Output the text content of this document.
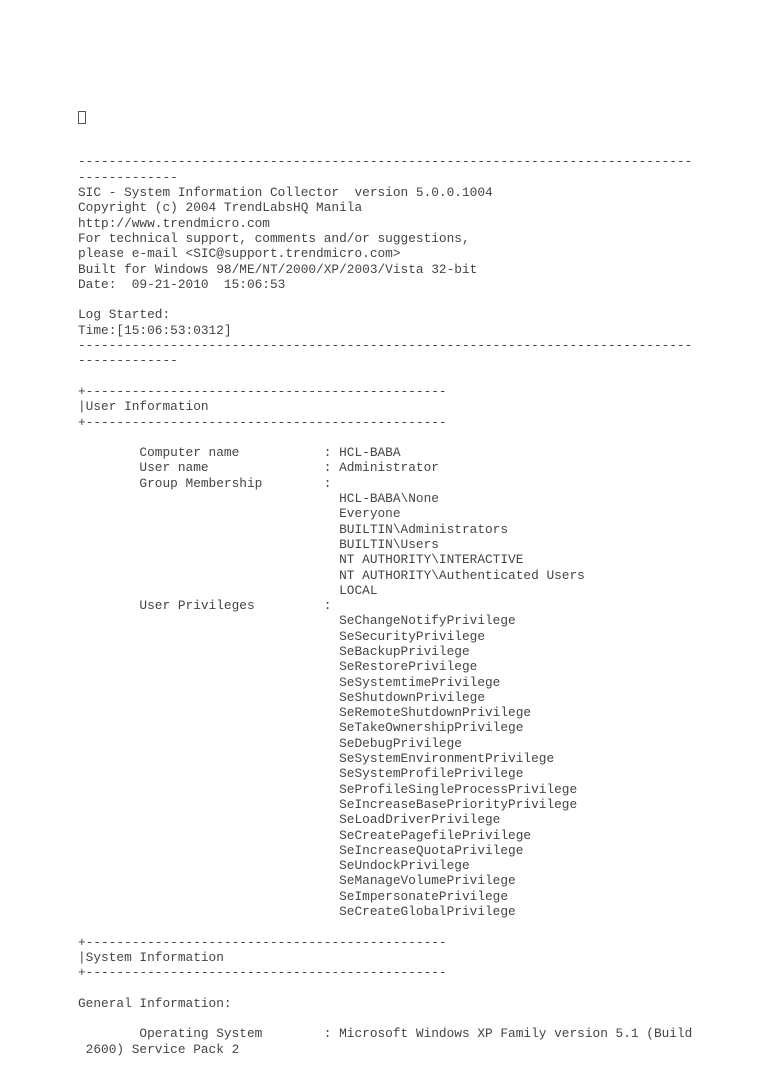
--------------------------------------------------------------------------------
-------------
SIC - System Information Collector  version 5.0.0.1004
Copyright (c) 2004 TrendLabsHQ Manila
http://www.trendmicro.com
For technical support, comments and/or suggestions,
please e-mail <SIC@support.trendmicro.com>
Built for Windows 98/ME/NT/2000/XP/2003/Vista 32-bit
Date:  09-21-2010  15:06:53
Log Started:
Time:[15:06:53:0312]
--------------------------------------------------------------------------------
-------------
+-----------------------------------------------
|User Information
+-----------------------------------------------
Computer name           : HCL-BABA
User name               : Administrator
Group Membership        :
HCL-BABA\None
Everyone
BUILTIN\Administrators
BUILTIN\Users
NT AUTHORITY\INTERACTIVE
NT AUTHORITY\Authenticated Users
LOCAL
User Privileges         :
SeChangeNotifyPrivilege
SeSecurityPrivilege
SeBackupPrivilege
SeRestorePrivilege
SeSystemtimePrivilege
SeShutdownPrivilege
SeRemoteShutdownPrivilege
SeTakeOwnershipPrivilege
SeDebugPrivilege
SeSystemEnvironmentPrivilege
SeSystemProfilePrivilege
SeProfileSingleProcessPrivilege
SeIncreaseBasePriorityPrivilege
SeLoadDriverPrivilege
SeCreatePagefilePrivilege
SeIncreaseQuotaPrivilege
SeUndockPrivilege
SeManageVolumePrivilege
SeImpersonatePrivilege
SeCreateGlobalPrivilege
+-----------------------------------------------
|System Information
+-----------------------------------------------
General Information:
Operating System        : Microsoft Windows XP Family version 5.1 (Build
2600) Service Pack 2
